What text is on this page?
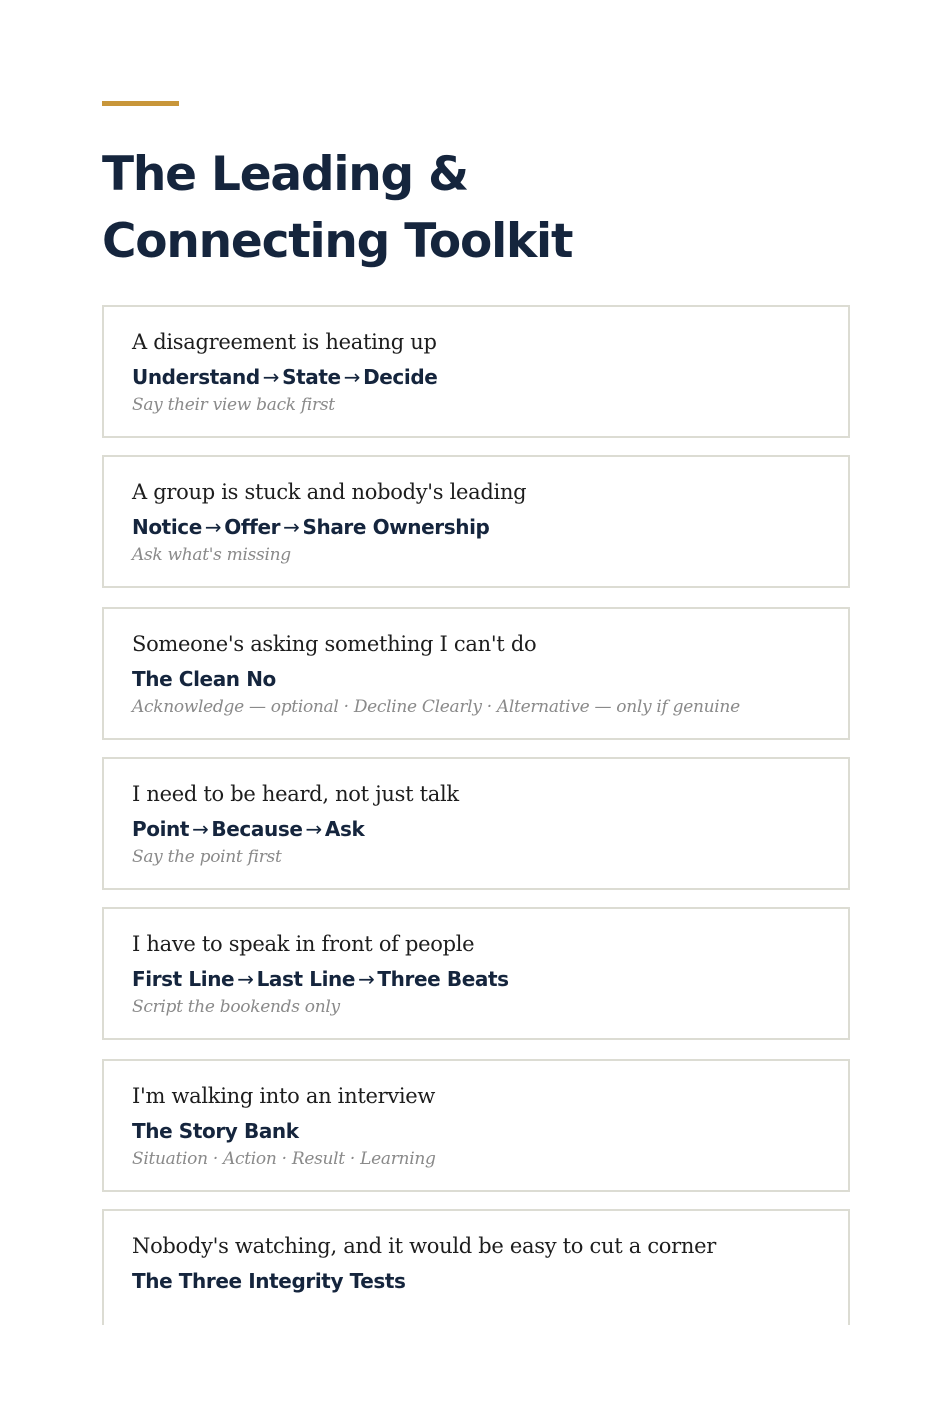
The Leading &
Connecting Toolkit
A disagreement is heating up
Understand → State → Decide
Say their view back first
A group is stuck and nobody's leading
Notice → Offer → Share Ownership
Ask what's missing
Someone's asking something I can't do
The Clean No
Acknowledge — optional · Decline Clearly · Alternative — only if genuine
I need to be heard, not just talk
Point → Because → Ask
Say the point first
I have to speak in front of people
First Line → Last Line → Three Beats
Script the bookends only
I'm walking into an interview
The Story Bank
Situation · Action · Result · Learning
Nobody's watching, and it would be easy to cut a corner
The Three Integrity Tests
